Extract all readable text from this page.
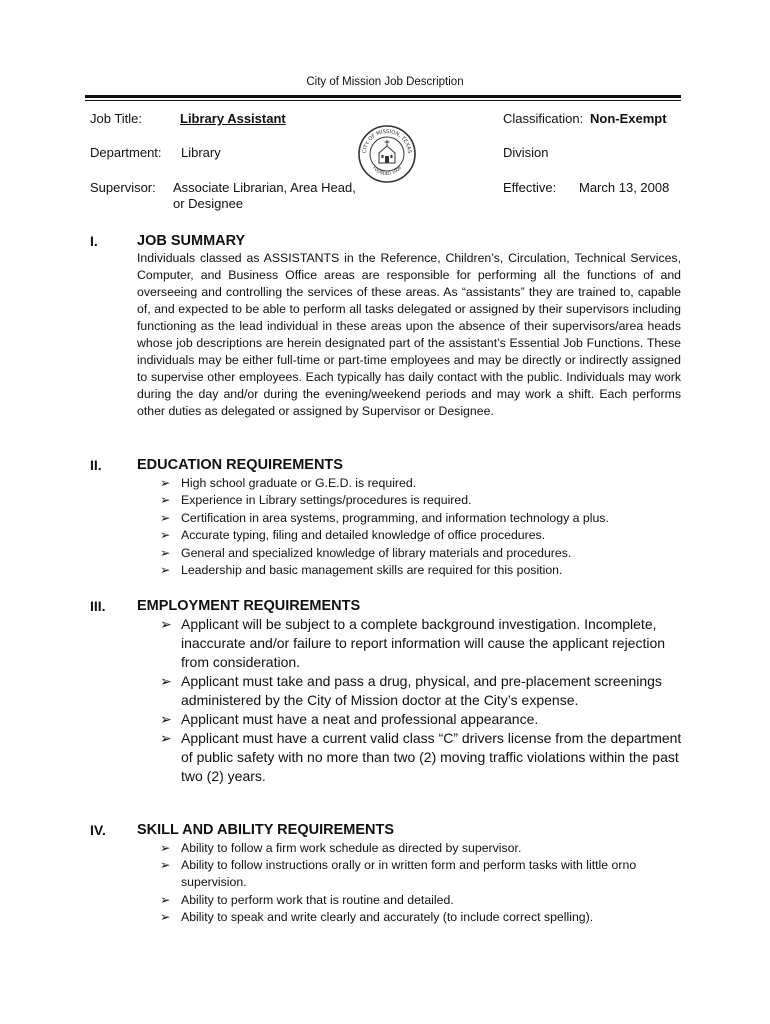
City of Mission Job Description
Job Title:	Library Assistant	Classification: Non-Exempt
Department: Library	Division
Supervisor: Associate Librarian, Area Head,
or Designee
Effective: March 13, 2008
CITY OF MISSION, TEXAS
FOUNDED 1908
I.	JOB SUMMARY
Individuals classed as ASSISTANTS in the Reference, Children’s, Circulation, Technical Services, Computer, and Business Office areas are responsible for performing all the functions of and overseeing and controlling the services of these areas. As “assistants” they are trained to, capable of, and expected to be able to perform all tasks delegated or assigned by their supervisors including functioning as the lead individual in these areas upon the absence of their supervisors/area heads whose job descriptions are herein designated part of the assistant’s Essential Job Functions. These individuals may be either full-time or part-time employees and may be directly or indirectly assigned to supervise other employees. Each typically has daily contact with the public. Individuals may work during the day and/or during the evening/weekend periods and may work a shift. Each performs other duties as delegated or assigned by Supervisor or Designee.
II. EDUCATION REQUIREMENTS
➢ High school graduate or G.E.D. is required.
➢ Experience in Library settings/procedures is required.
➢ Certification in area systems, programming, and information technology a plus.
➢ Accurate typing, filing and detailed knowledge of office procedures.
➢ General and specialized knowledge of library materials and procedures.
➢ Leadership and basic management skills are required for this position.
III. EMPLOYMENT REQUIREMENTS
➢ Applicant will be subject to a complete background investigation. Incomplete, inaccurate and/or failure to report information will cause the applicant rejection from consideration.
➢ Applicant must take and pass a drug, physical, and pre-placement screenings administered by the City of Mission doctor at the City’s expense.
➢ Applicant must have a neat and professional appearance.
➢ Applicant must have a current valid class “C” drivers license from the department of public safety with no more than two (2) moving traffic violations within the past two (2) years.
IV. SKILL AND ABILITY REQUIREMENTS
➢ Ability to follow a firm work schedule as directed by supervisor.
➢ Ability to follow instructions orally or in written form and perform tasks with little orno supervision.
➢ Ability to perform work that is routine and detailed.
➢ Ability to speak and write clearly and accurately (to include correct spelling).
